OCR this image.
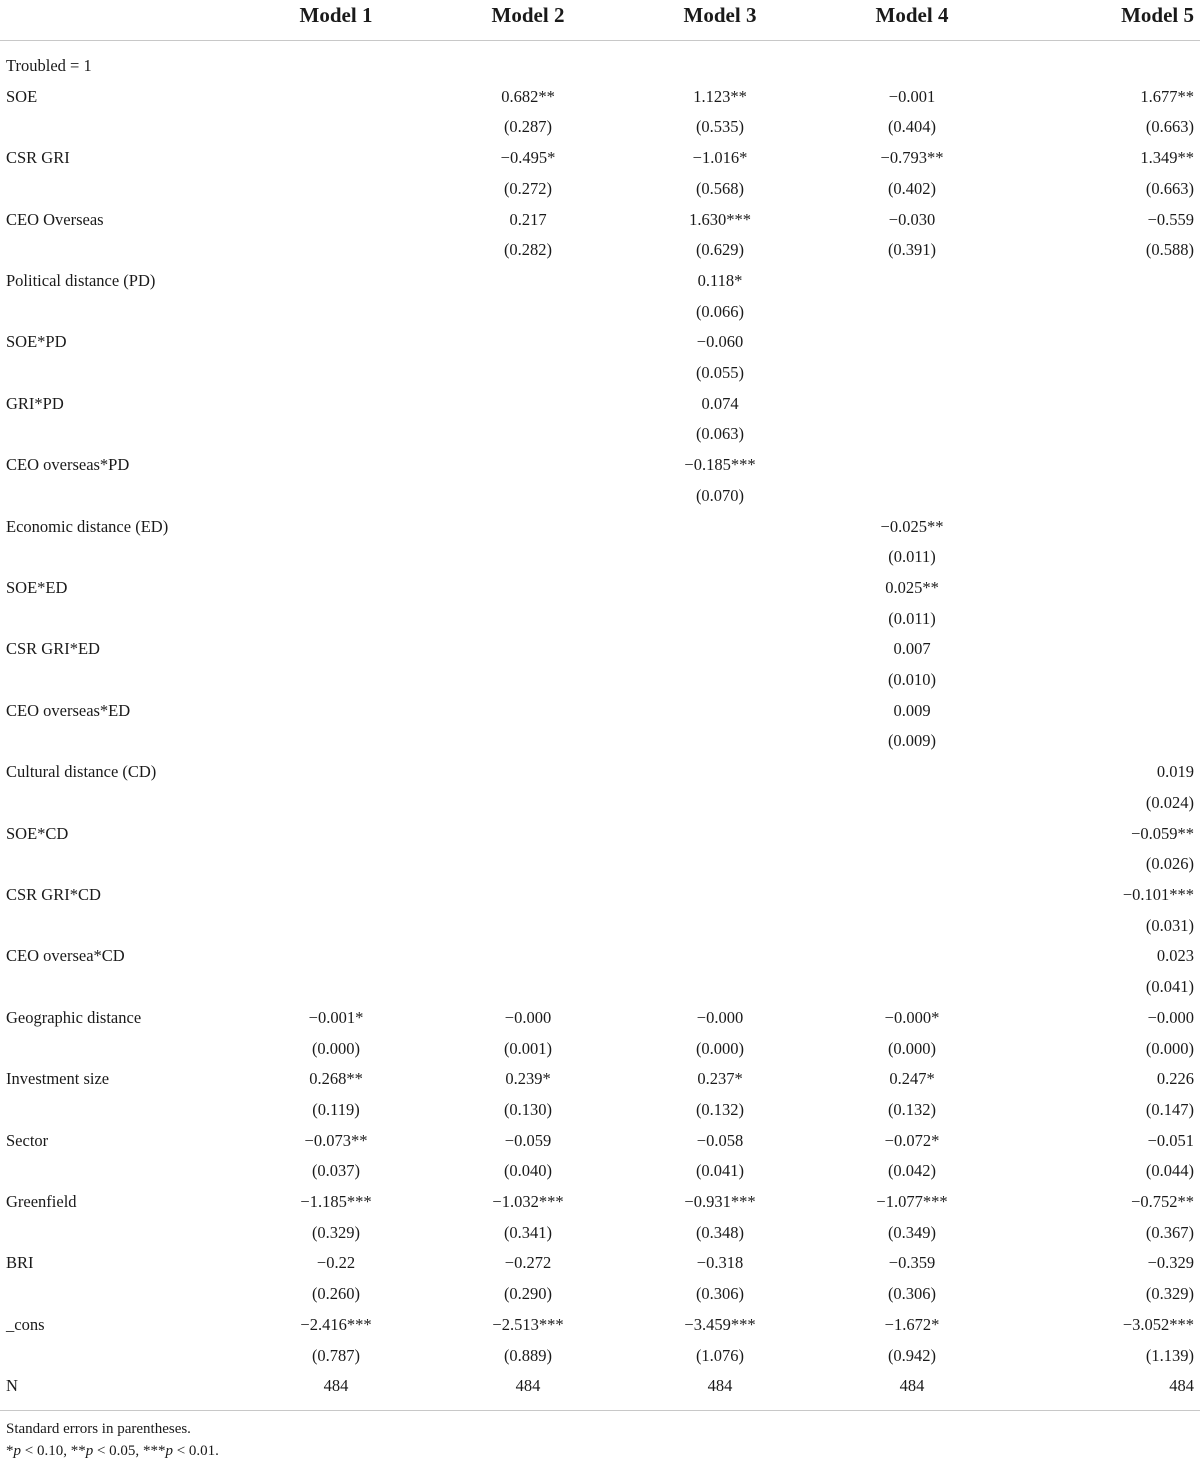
	Model 1	Model 2	Model 3	Model 4	Model 5
Troubled = 1					
SOE		0.682**	1.123**	−0.001	1.677**
		(0.287)	(0.535)	(0.404)	(0.663)
CSR GRI		−0.495*	−1.016*	−0.793**	1.349**
		(0.272)	(0.568)	(0.402)	(0.663)
CEO Overseas		0.217	1.630***	−0.030	−0.559
		(0.282)	(0.629)	(0.391)	(0.588)
Political distance (PD)			0.118*		
			(0.066)		
SOE*PD			−0.060		
			(0.055)		
GRI*PD			0.074		
			(0.063)		
CEO overseas*PD			−0.185***		
			(0.070)		
Economic distance (ED)				−0.025**	
				(0.011)	
SOE*ED				0.025**	
				(0.011)	
CSR GRI*ED				0.007	
				(0.010)	
CEO overseas*ED				0.009	
				(0.009)	
Cultural distance (CD)					0.019
					(0.024)
SOE*CD					−0.059**
					(0.026)
CSR GRI*CD					−0.101***
					(0.031)
CEO oversea*CD					0.023
					(0.041)
Geographic distance	−0.001*	−0.000	−0.000	−0.000*	−0.000
	(0.000)	(0.001)	(0.000)	(0.000)	(0.000)
Investment size	0.268**	0.239*	0.237*	0.247*	0.226
	(0.119)	(0.130)	(0.132)	(0.132)	(0.147)
Sector	−0.073**	−0.059	−0.058	−0.072*	−0.051
	(0.037)	(0.040)	(0.041)	(0.042)	(0.044)
Greenfield	−1.185***	−1.032***	−0.931***	−1.077***	−0.752**
	(0.329)	(0.341)	(0.348)	(0.349)	(0.367)
BRI	−0.22	−0.272	−0.318	−0.359	−0.329
	(0.260)	(0.290)	(0.306)	(0.306)	(0.329)
_cons	−2.416***	−2.513***	−3.459***	−1.672*	−3.052***
	(0.787)	(0.889)	(1.076)	(0.942)	(1.139)
N	484	484	484	484	484
Standard errors in parentheses.
*p < 0.10, **p < 0.05, ***p < 0.01.
